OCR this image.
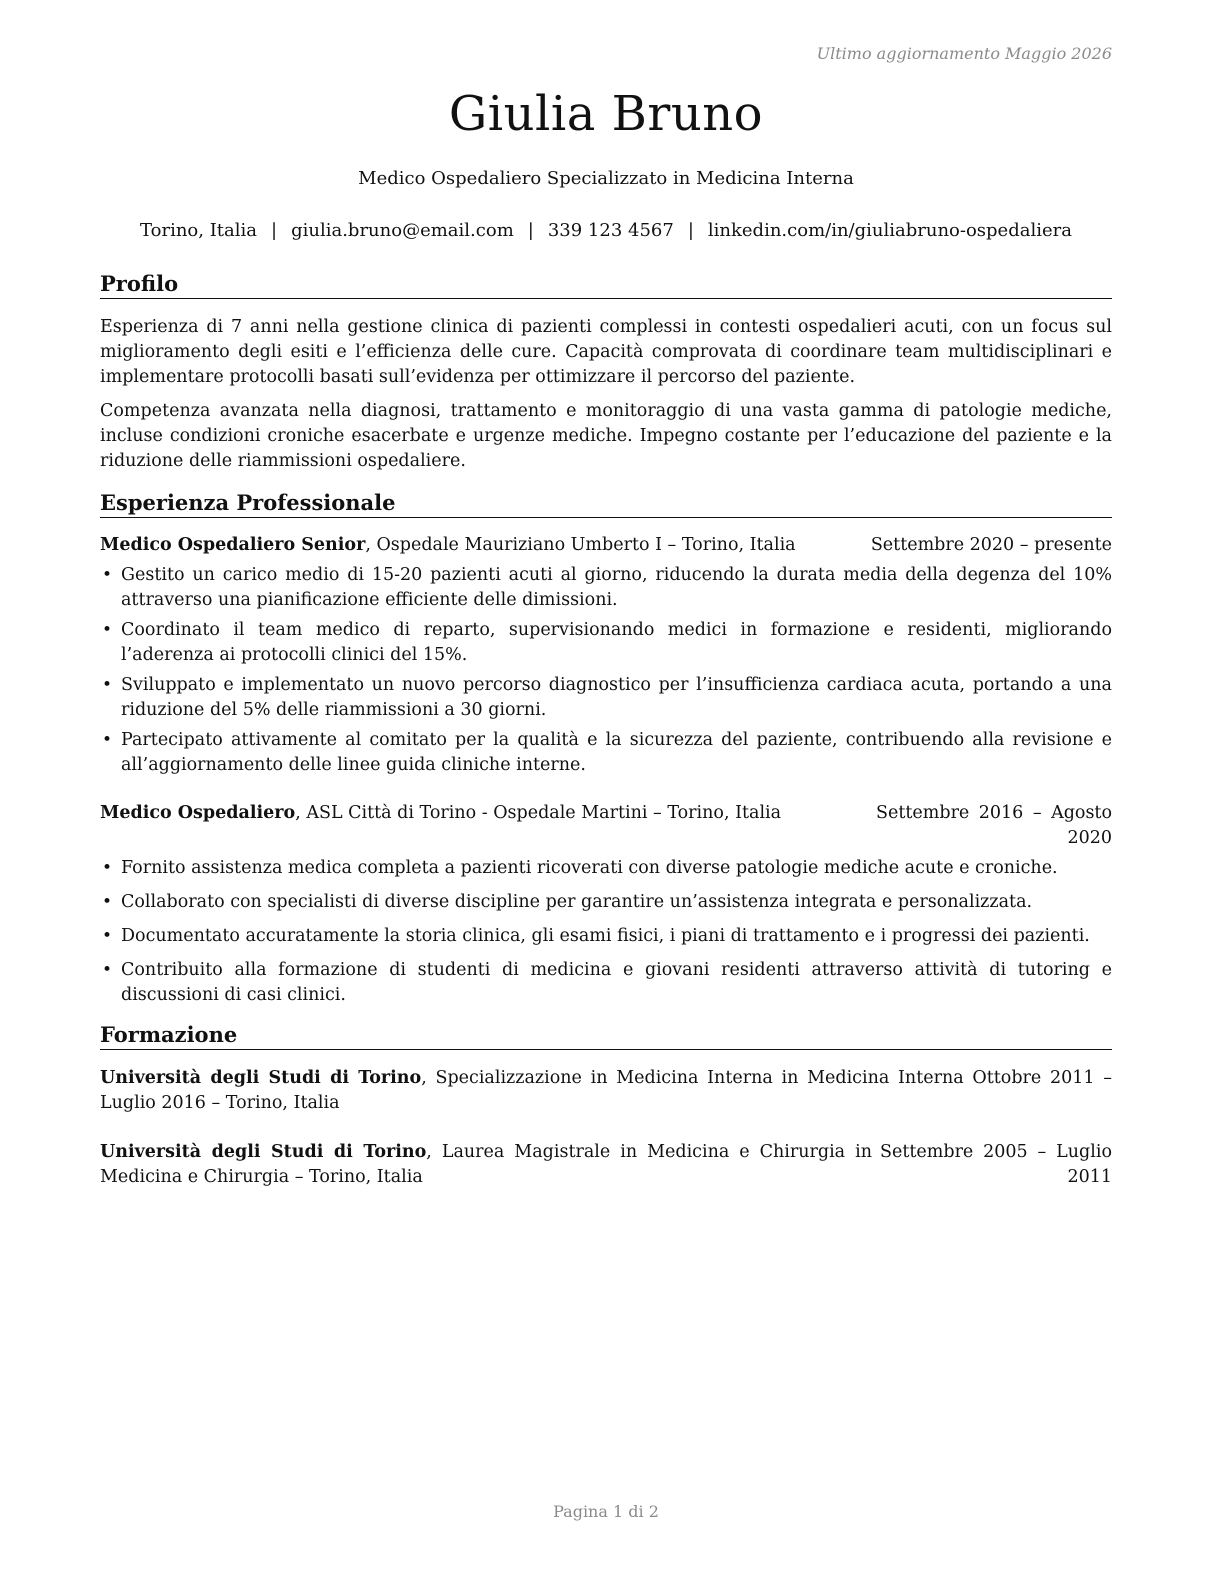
Ultimo aggiornamento Maggio 2026
Giulia Bruno
Medico Ospedaliero Specializzato in Medicina Interna
Torino, Italia | giulia.bruno@email.com | 339 123 4567 | linkedin.com/in/giuliabruno-ospedaliera
Profilo

Esperienza di 7 anni nella gestione clinica di pazienti complessi in contesti ospedalieri acuti, con un focus sul miglioramento degli esiti e l’efficienza delle cure. Capacità comprovata di coordinare team multidisciplinari e implementare protocolli basati sull’evidenza per ottimizzare il percorso del paziente.

Competenza avanzata nella diagnosi, trattamento e monitoraggio di una vasta gamma di patologie mediche, incluse condizioni croniche esacerbate e urgenze mediche. Impegno costante per l’educazione del paziente e la riduzione delle riammissioni ospedaliere.

Esperienza Professionale
Medico Ospedaliero Senior, Ospedale Mauriziano Umberto I – Torino, Italia	Settembre 2020 – presente
• Gestito un carico medio di 15-20 pazienti acuti al giorno, riducendo la durata media della degenza del 10% attraverso una pianificazione efficiente delle dimissioni.
• Coordinato il team medico di reparto, supervisionando medici in formazione e residenti, migliorando l’aderenza ai protocolli clinici del 15%.
• Sviluppato e implementato un nuovo percorso diagnostico per l’insufficienza cardiaca acuta, portando a una riduzione del 5% delle riammissioni a 30 giorni.
• Partecipato attivamente al comitato per la qualità e la sicurezza del paziente, contribuendo alla revisione e all’aggiornamento delle linee guida cliniche interne.
Medico Ospedaliero, ASL Città di Torino - Ospedale Martini – Torino, Italia	Settembre 2016 – Agosto 2020
• Fornito assistenza medica completa a pazienti ricoverati con diverse patologie mediche acute e croniche.
• Collaborato con specialisti di diverse discipline per garantire un’assistenza integrata e personalizzata.
• Documentato accuratamente la storia clinica, gli esami fisici, i piani di trattamento e i progressi dei pazienti.
• Contribuito alla formazione di studenti di medicina e giovani residenti attraverso attività di tutoring e discussioni di casi clinici.
Formazione
Università degli Studi di Torino, Specializzazione in Medicina Interna in Medicina Interna Ottobre 2011 – Luglio 2016 – Torino, Italia
Università degli Studi di Torino, Laurea Magistrale in Medicina e Chirurgia in Medicina e Chirurgia – Torino, Italia
Settembre 2005 – Luglio 2011
Pagina 1 di 2
